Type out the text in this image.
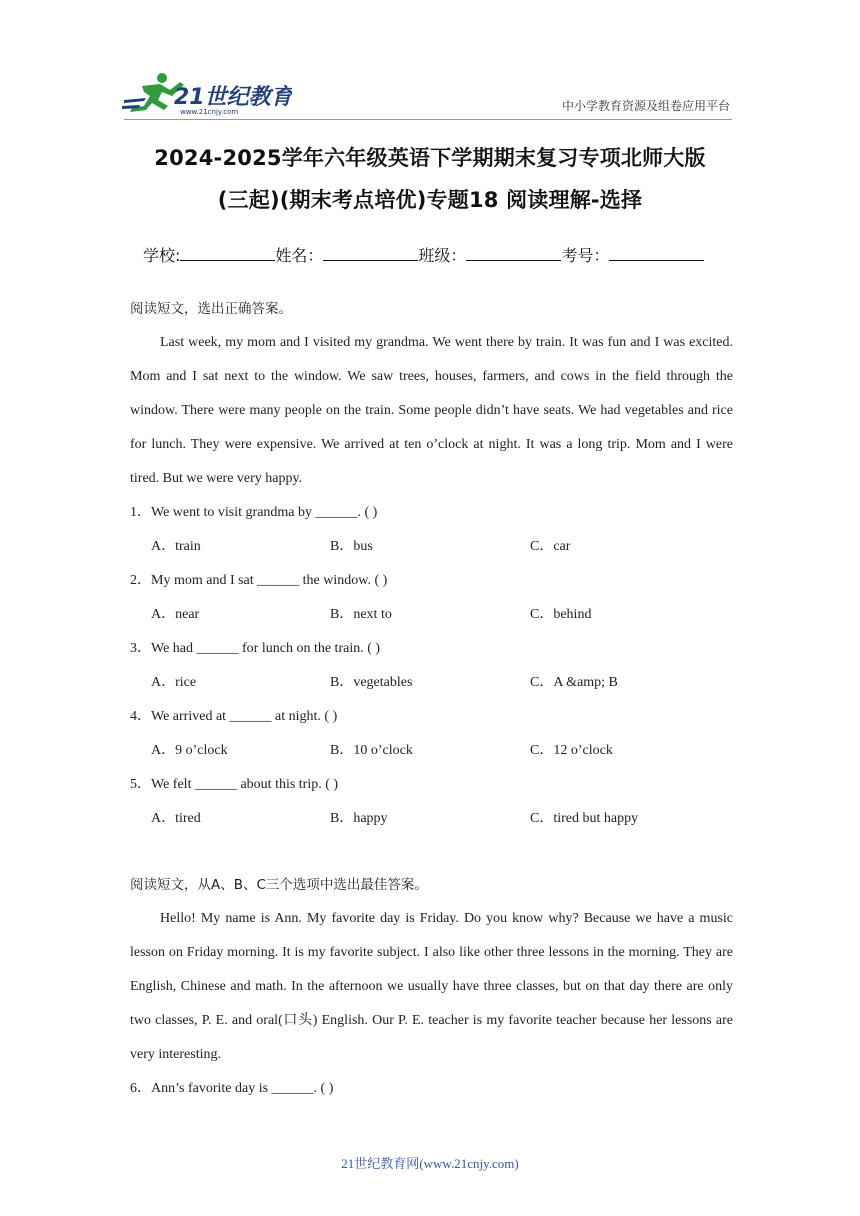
21世纪教育
www.21cnjy.com	中小学教育资源及组卷应用平台
2024-2025学年六年级英语下学期期末复习专项北师大版
(三起)(期末考点培优)专题18 阅读理解-选择
学校:	姓名：	班级：	考号：
阅读短文，选出正确答案。

Last week, my mom and I visited my grandma. We went there by train. It was fun and I was excited. Mom and I sat next to the window. We saw trees, houses, farmers, and cows in the field through the window. There were many people on the train. Some people didn’t have seats. We had vegetables and rice for lunch. They were expensive. We arrived at ten o’clock at night. It was a long trip. Mom and I were tired. But we were very happy.

1．We went to visit grandma by ______. ( )
A．train	B．bus	C．car
2．My mom and I sat ______ the window. ( )
A．near	B．next to	C．behind
3．We had ______ for lunch on the train. ( )
A．rice	B．vegetables	C．A &amp; B
4．We arrived at ______ at night. ( )
A．9 o’clock	B．10 o’clock	C．12 o’clock
5．We felt ______ about this trip. ( )
A．tired	B．happy	C．tired but happy
阅读短文，从A、B、C三个选项中选出最佳答案。

Hello! My name is Ann. My favorite day is Friday. Do you know why? Because we have a music lesson on Friday morning. It is my favorite subject. I also like other three lessons in the morning. They are English, Chinese and math. In the afternoon we usually have three classes, but on that day there are only two classes, P. E. and oral(口头) English. Our P. E. teacher is my favorite teacher because her lessons are very interesting.

6．Ann’s favorite day is ______. ( )
21世纪教育网(www.21cnjy.com)
